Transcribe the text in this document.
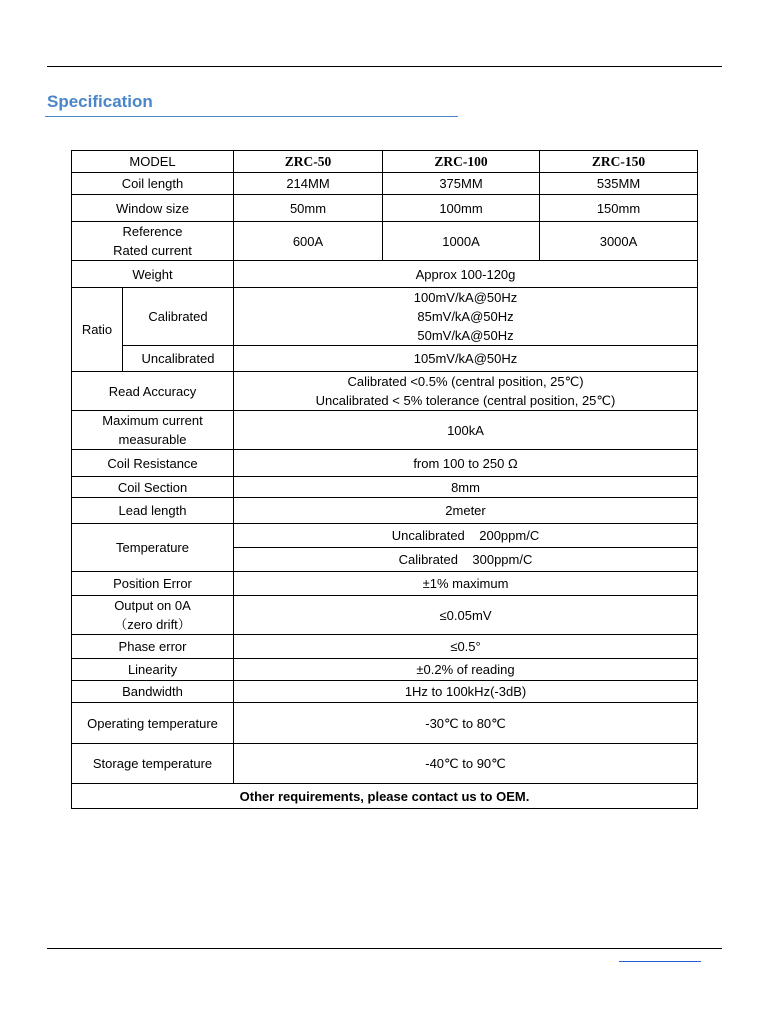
Specification
MODEL		ZRC-50	ZRC-100	ZRC-150
Coil length		214MM	375MM	535MM
Window size		50mm	100mm	150mm

Reference
Rated current		600A	1000A	3000A
Weight		Approx 100-120g		
Ratio	Calibrated	100mV/kA@50Hz
85mV/kA@50Hz
50mV/kA@50Hz		

	Uncalibrated	105mV/kA@50Hz		
Read Accuracy		Calibrated <0.5% (central position, 25℃)
Uncalibrated < 5% tolerance (central position, 25℃)		

Maximum current
measurable		100kA		
Coil Resistance		from 100 to 250 Ω		
Coil Section		8mm		
Lead length		2meter		
Temperature		Uncalibrated    200ppm/C		
		Calibrated    300ppm/C		
Position Error		±1% maximum		

Output on 0A
（zero drift）		≤0.05mV		
Phase error		≤0.5°		
Linearity		±0.2% of reading		
Bandwidth		1Hz to 100kHz(-3dB)		
Operating temperature		-30℃ to 80℃		
Storage temperature		-40℃ to 90℃		
Other requirements, please contact us to OEM.				
